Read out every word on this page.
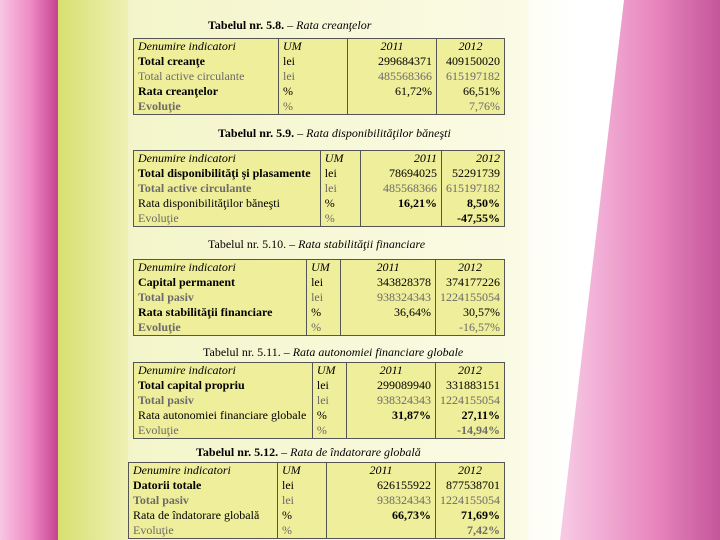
Tabelul nr. 5.8. – Rata creanţelor
Denumire indicatori	UM	2011	2012
Total creanţe	lei	299684371	409150020
Total active circulante	lei	485568366	615197182
Rata creanţelor	%	61,72%	66,51%
Evoluţie	%		7,76%
Tabelul nr. 5.9. – Rata disponibilităţilor băneşti
Denumire indicatori	UM	2011	2012
Total disponibilităţi şi plasamente	lei	78694025	52291739
Total active circulante	lei	485568366	615197182
Rata disponibilităţilor băneşti	%	16,21%	8,50%
Evoluţie	%		-47,55%
Tabelul nr. 5.10. – Rata stabilităţii financiare
Denumire indicatori	UM	2011	2012
Capital permanent	lei	343828378	374177226
Total pasiv	lei	938324343	1224155054
Rata stabilităţii financiare	%	36,64%	30,57%
Evoluţie	%		-16,57%
Tabelul nr. 5.11. – Rata autonomiei financiare globale
Denumire indicatori	UM	2011	2012
Total capital propriu	lei	299089940	331883151
Total pasiv	lei	938324343	1224155054
Rata autonomiei financiare globale	%	31,87%	27,11%
Evoluţie	%		-14,94%
Tabelul nr. 5.12. – Rata de îndatorare globală
Denumire indicatori	UM	2011	2012
Datorii totale	lei	626155922	877538701
Total pasiv	lei	938324343	1224155054
Rata de îndatorare globală	%	66,73%	71,69%
Evoluţie	%		7,42%
